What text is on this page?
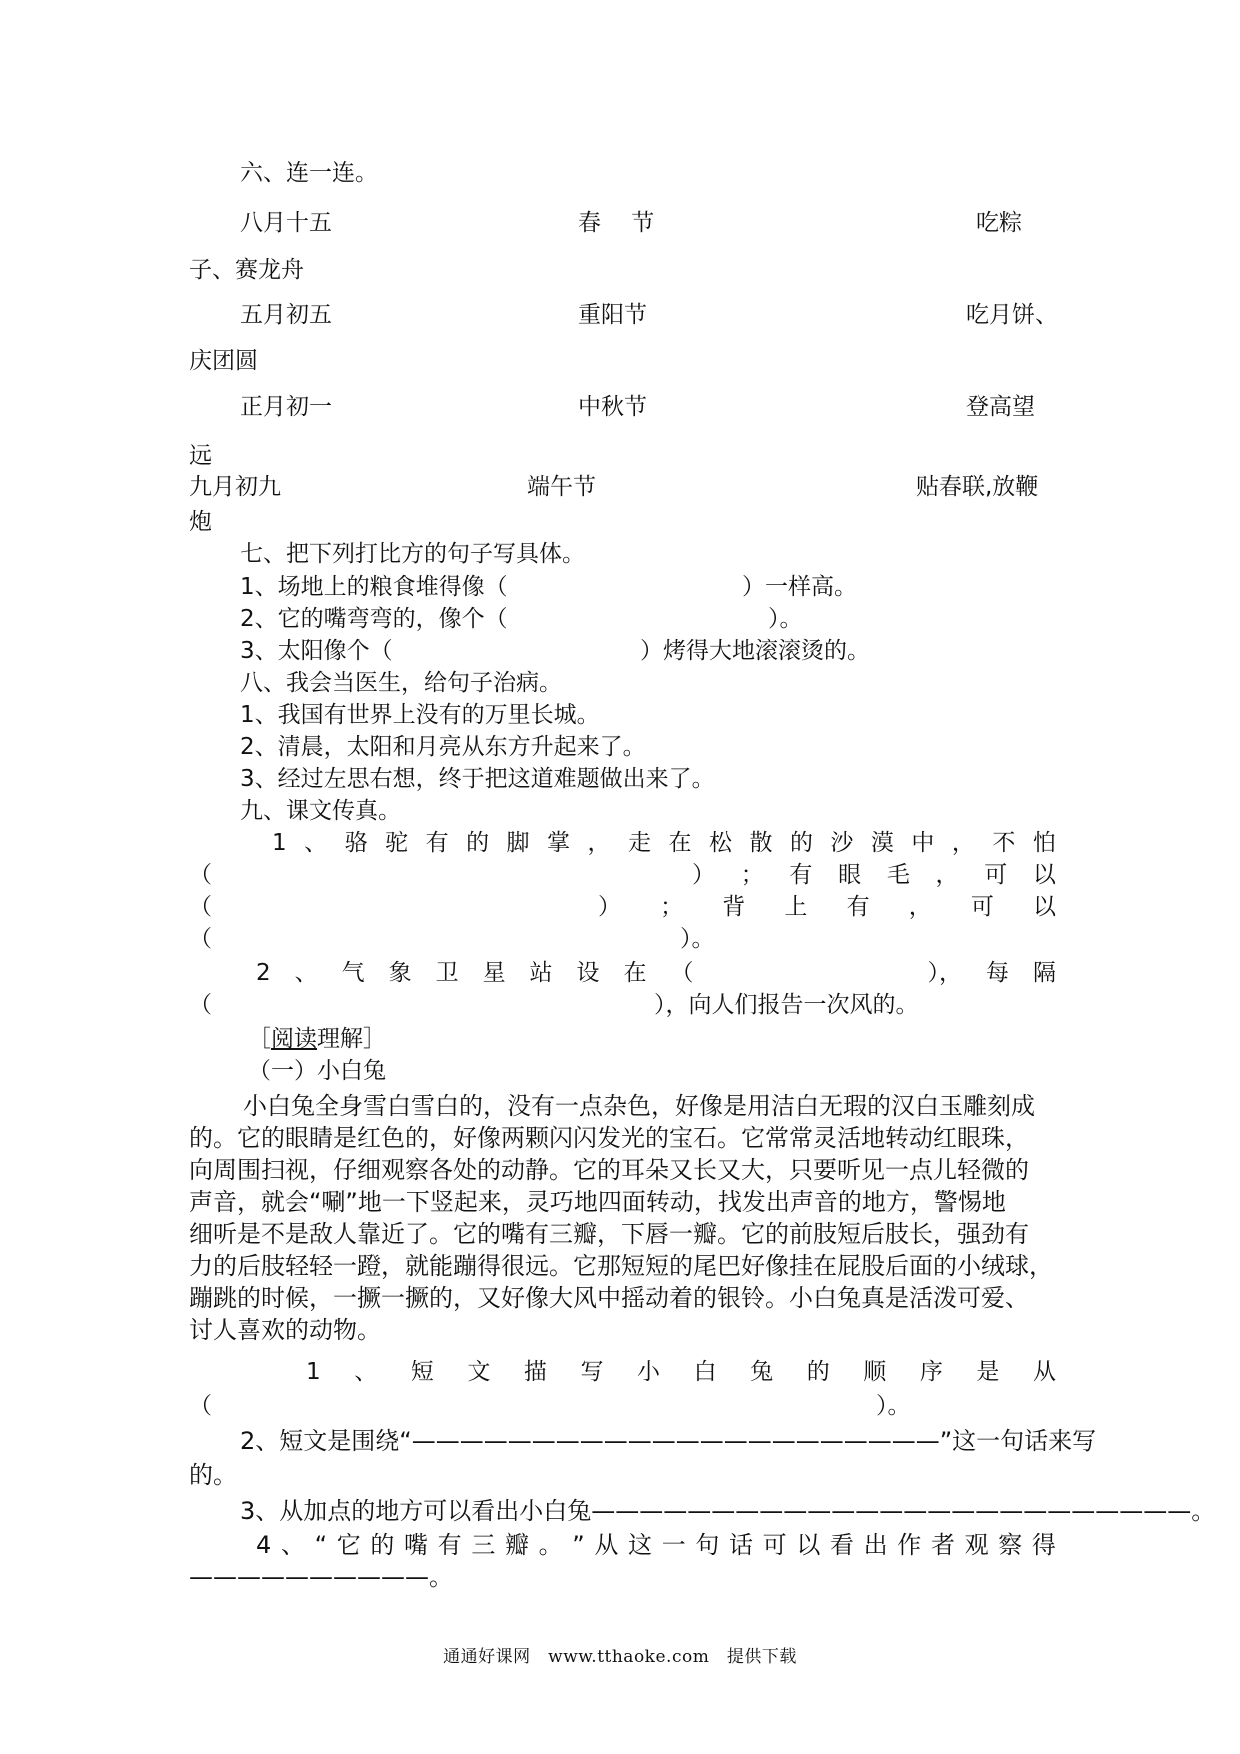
六、连一连。
八月十五	春　 节	吃粽
子、赛龙舟
五月初五	重阳节	吃月饼、
庆团圆
正月初一	中秋节	登高望
远
九月初九	端午节	贴春联,放鞭
炮
七、把下列打比方的句子写具体。
1、场地上的粮食堆得像（	）一样高。
2、它的嘴弯弯的，像个（	）。
3、太阳像个（	）烤得大地滚滚烫的。
八、我会当医生，给句子治病。
1、我国有世界上没有的万里长城。
2、清晨，太阳和月亮从东方升起来了。
3、经过左思右想，终于把这道难题做出来了。
九、课文传真。
1 、 骆 驼 有 的 脚 掌 ， 走 在 松 散 的 沙 漠 中 ， 不 怕
（	） ； 有 眼 毛 ， 可 以
（	） ； 背 上 有 ， 可 以
（	）。
2 、 气 象 卫 星 站 设 在 （	）， 每 隔
（	），向人们报告一次风的。
［阅读理解］
（一）小白兔
小白兔全身雪白雪白的，没有一点杂色，好像是用洁白无瑕的汉白玉雕刻成
的。它的眼睛是红色的，好像两颗闪闪发光的宝石。它常常灵活地转动红眼珠，
向周围扫视，仔细观察各处的动静。它的耳朵又长又大，只要听见一点儿轻微的
声音，就会“唰”地一下竖起来，灵巧地四面转动，找发出声音的地方，警惕地
细听是不是敌人靠近了。它的嘴有三瓣，下唇一瓣。它的前肢短后肢长，强劲有
力的后肢轻轻一蹬，就能蹦得很远。它那短短的尾巴好像挂在屁股后面的小绒球，
蹦跳的时候，一撅一撅的，又好像大风中摇动着的银铃。小白兔真是活泼可爱、
讨人喜欢的动物。
1 、 短 文 描 写 小 白 兔 的 顺 序 是 从
（	）。
2、短文是围绕“——————————————————————”这一句话来写
的。
3、从加点的地方可以看出小白兔—————————————————————————。
4 、 “ 它 的 嘴 有 三 瓣 。 ” 从 这 一 句 话 可 以 看 出 作 者 观 察 得
——————————。
通通好课网　www.tthaoke.com　提供下载
